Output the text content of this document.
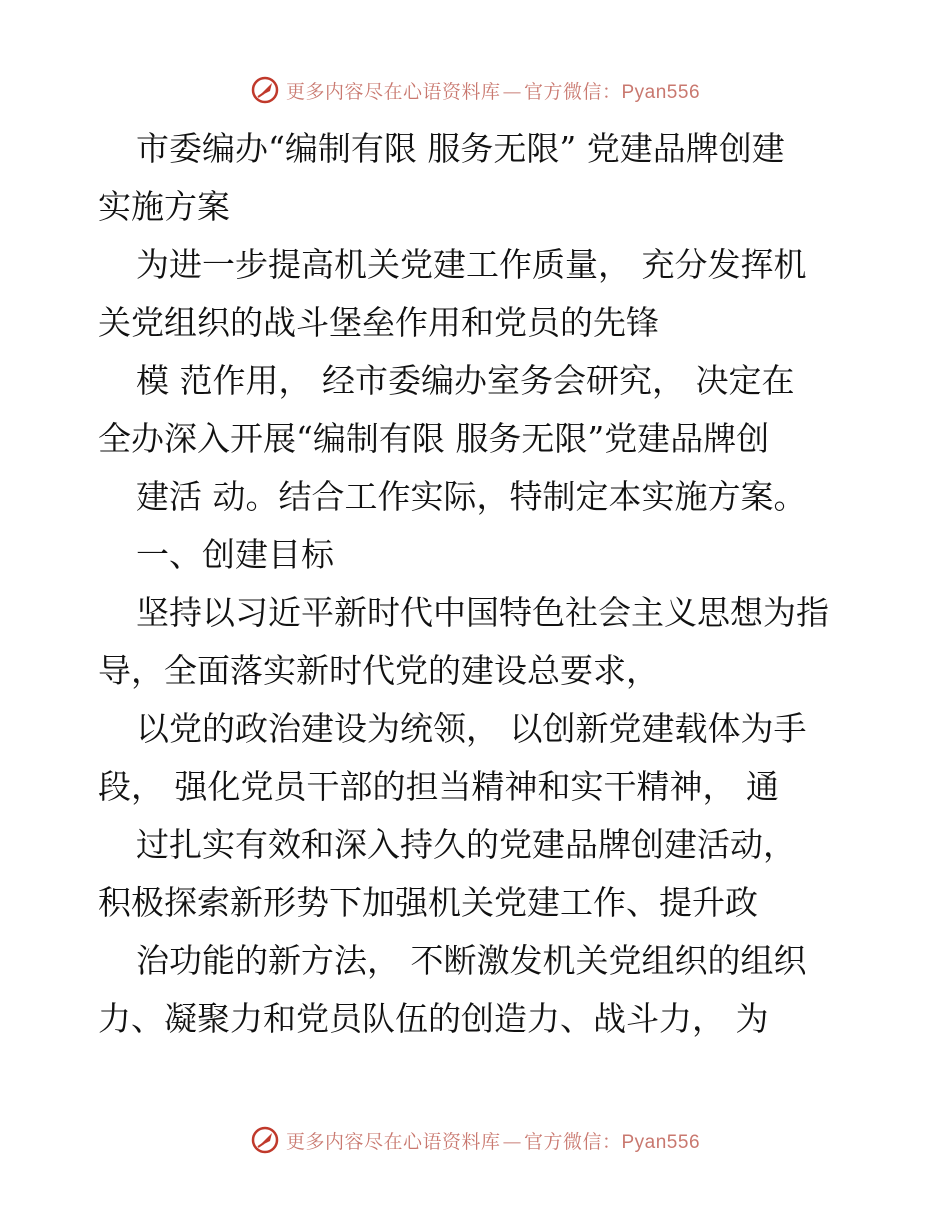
更多内容尽在心语资料库 — 官方微信：Pyan556
市委编办“编制有限 服务无限” 党建品牌创建
实施方案
为进一步提高机关党建工作质量， 充分发挥机
关党组织的战斗堡垒作用和党员的先锋
模 范作用， 经市委编办室务会研究， 决定在
全办深入开展“编制有限 服务无限”党建品牌创
建活 动。结合工作实际，特制定本实施方案。
一、创建目标
坚持以习近平新时代中国特色社会主义思想为指
导，全面落实新时代党的建设总要求，
以党的政治建设为统领， 以创新党建载体为手
段， 强化党员干部的担当精神和实干精神， 通
过扎实有效和深入持久的党建品牌创建活动，
积极探索新形势下加强机关党建工作、提升政
治功能的新方法， 不断激发机关党组织的组织
力、凝聚力和党员队伍的创造力、战斗力， 为
更多内容尽在心语资料库 — 官方微信：Pyan556
